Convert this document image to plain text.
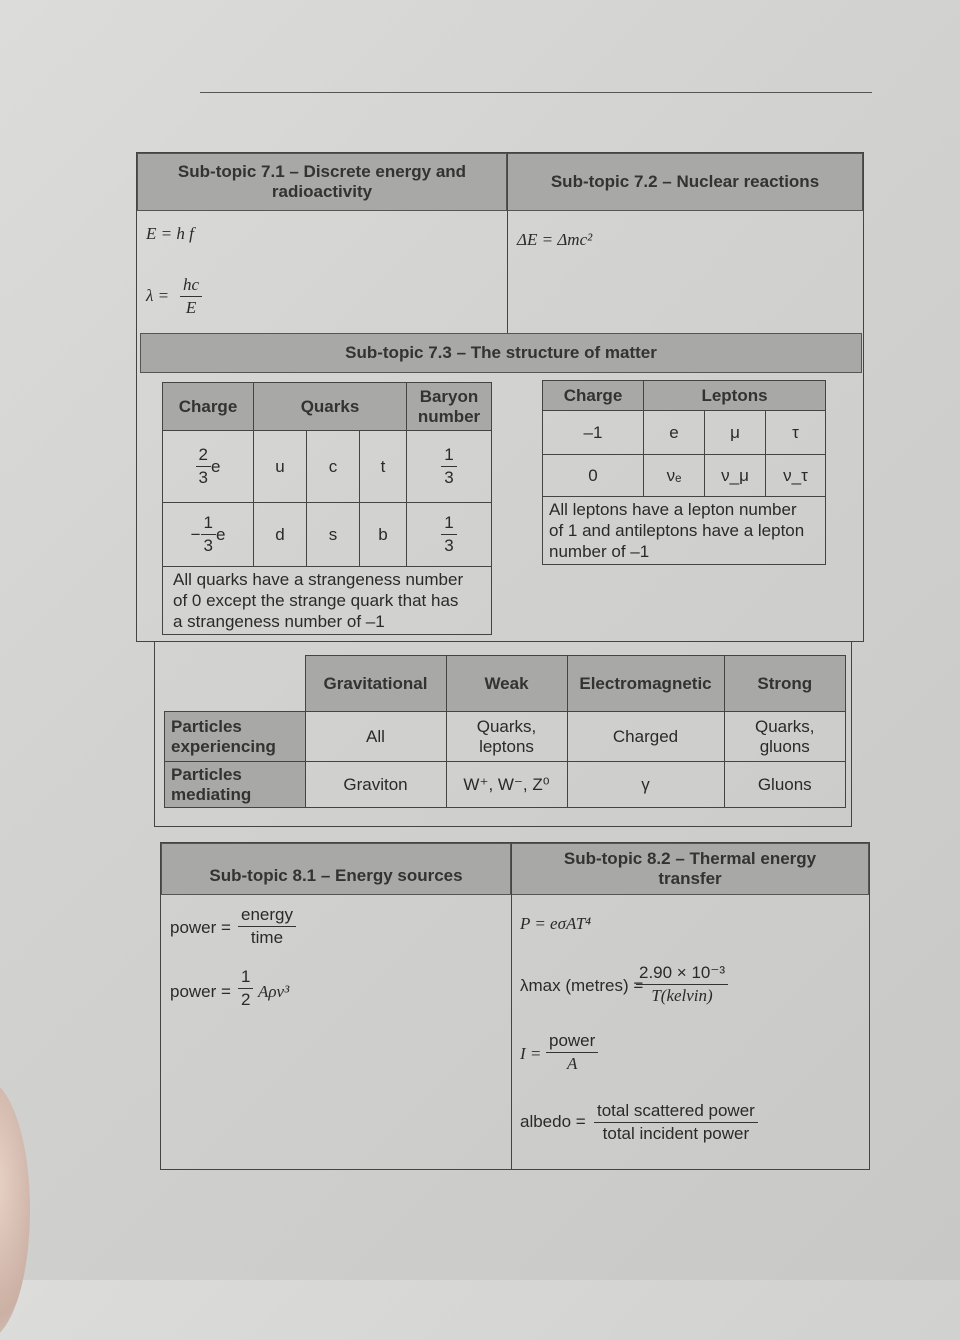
Sub-topic 7.1 – Discrete energy and radioactivity
Sub-topic 7.2 – Nuclear reactions
E = h f
$\lambda = \frac{hc}{E}$
ΔE = Δmc²
Sub-topic 7.3 – The structure of matter
Charge	Quarks			Baryon number

$\frac{2}{3}$ e	u	c	t	$\frac{1}{3}$

− $\frac{1}{3}$ e	d	s	b	$\frac{1}{3}$

All quarks have a strangeness number
of 0 except the strange quark that has
a strangeness number of –1				
Charge	Leptons		
–1	e	μ	τ
0	νₑ	ν_μ	ν_τ

All leptons have a lepton number
of 1 and antileptons have a lepton
number of –1			
	Gravitational	Weak	Electromagnetic	Strong
Particles experiencing	All	Quarks, leptons	Charged	Quarks, gluons
Particles mediating	Graviton	W⁺, W⁻, Z⁰	γ	Gluons
Sub-topic 8.1 – Energy sources
Sub-topic 8.2 – Thermal energy transfer
power =
energy
time
power = $\frac{1}{2} A\rho v^3$
P = eσAT⁴
λmax (metres) =
2.90 × 10⁻³
T(kelvin)
I =
power
A
albedo =
total scattered power
total incident power
